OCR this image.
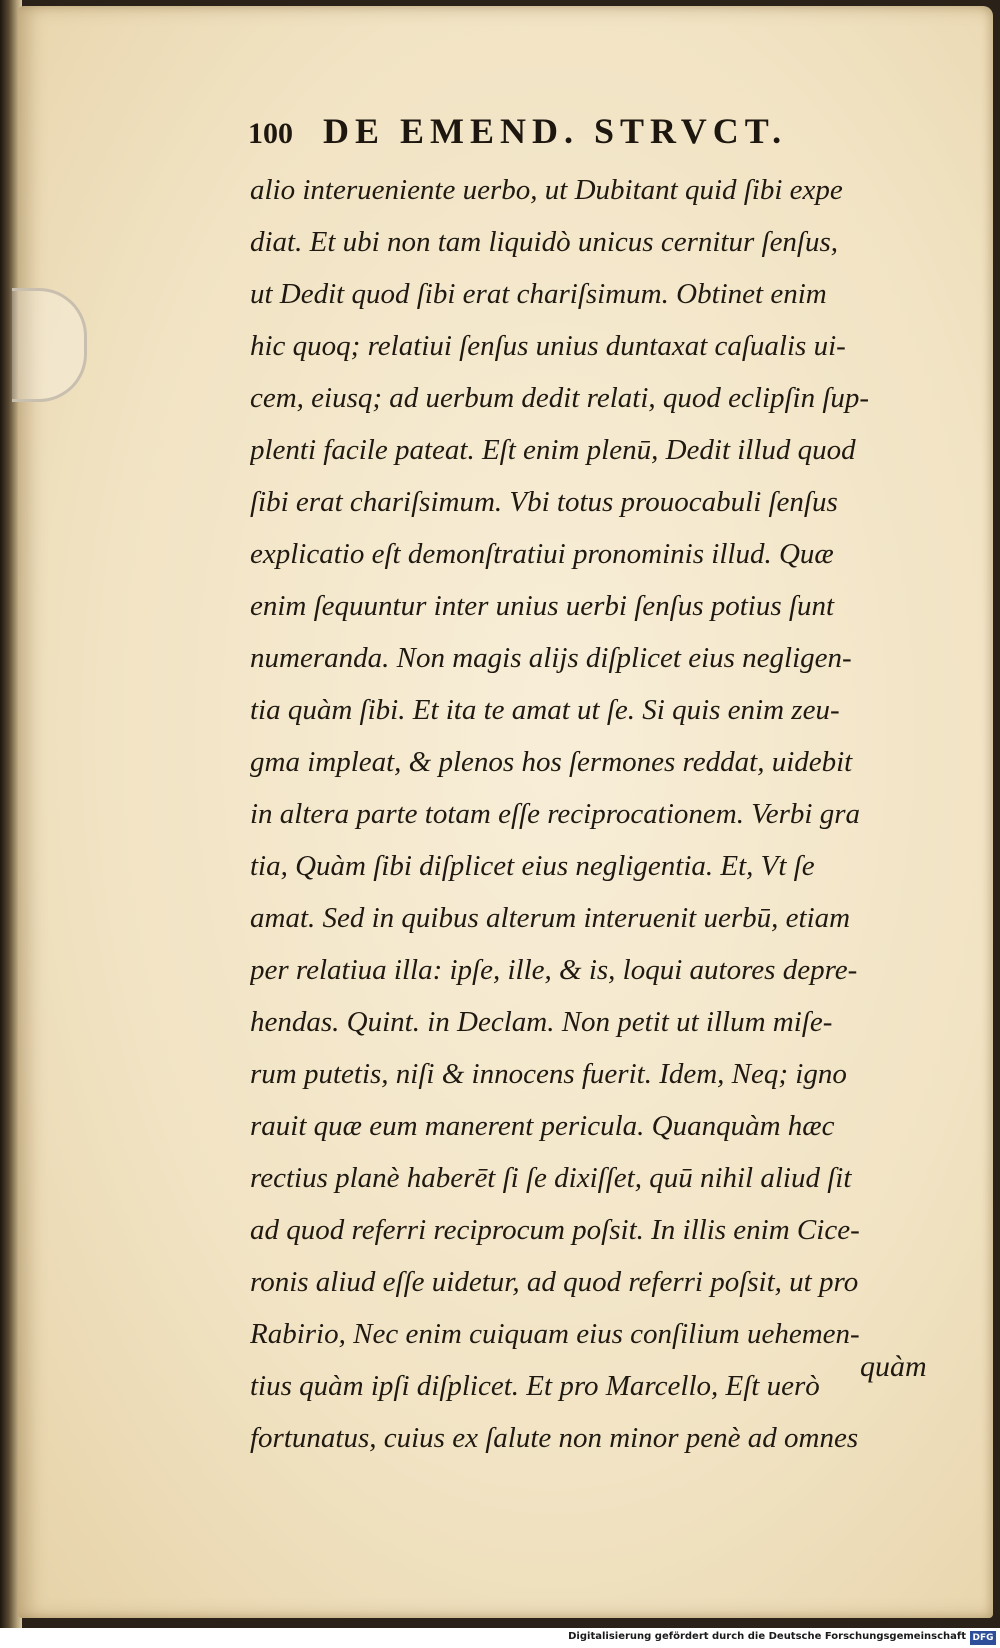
100 DE EMEND. STRVCT.
alio interueniente uerbo, ut Dubitant quid ſibi expe
diat. Et ubi non tam liquidò unicus cernitur ſenſus,
ut Dedit quod ſibi erat chariſsimum. Obtinet enim
hic quoq; relatiui ſenſus unius duntaxat caſualis ui-
cem, eiusq; ad uerbum dedit relati, quod eclipſin ſup-
plenti facile pateat. Eſt enim plenū, Dedit illud quod
ſibi erat chariſsimum. Vbi totus prouocabuli ſenſus
explicatio eſt demonſtratiui pronominis illud. Quæ
enim ſequuntur inter unius uerbi ſenſus potius ſunt
numeranda. Non magis alijs diſplicet eius negligen-
tia quàm ſibi. Et ita te amat ut ſe. Si quis enim zeu-
gma impleat, & plenos hos ſermones reddat, uidebit
in altera parte totam eſſe reciprocationem. Verbi gra
tia, Quàm ſibi diſplicet eius negligentia. Et, Vt ſe
amat. Sed in quibus alterum interuenit uerbū, etiam
per relatiua illa: ipſe, ille, & is, loqui autores depre-
hendas. Quint. in Declam. Non petit ut illum miſe-
rum putetis, niſi & innocens fuerit. Idem, Neq; igno
rauit quæ eum manerent pericula. Quanquàm hæc
rectius planè haberēt ſi ſe dixiſſet, quū nihil aliud ſit
ad quod referri reciprocum poſsit. In illis enim Cice-
ronis aliud eſſe uidetur, ad quod referri poſsit, ut pro
Rabirio, Nec enim cuiquam eius conſilium uehemen-
tius quàm ipſi diſplicet. Et pro Marcello, Eſt uerò
fortunatus, cuius ex ſalute non minor penè ad omnes
quàm
Digitalisierung gefördert durch die Deutsche Forschungsgemeinschaft DFG
